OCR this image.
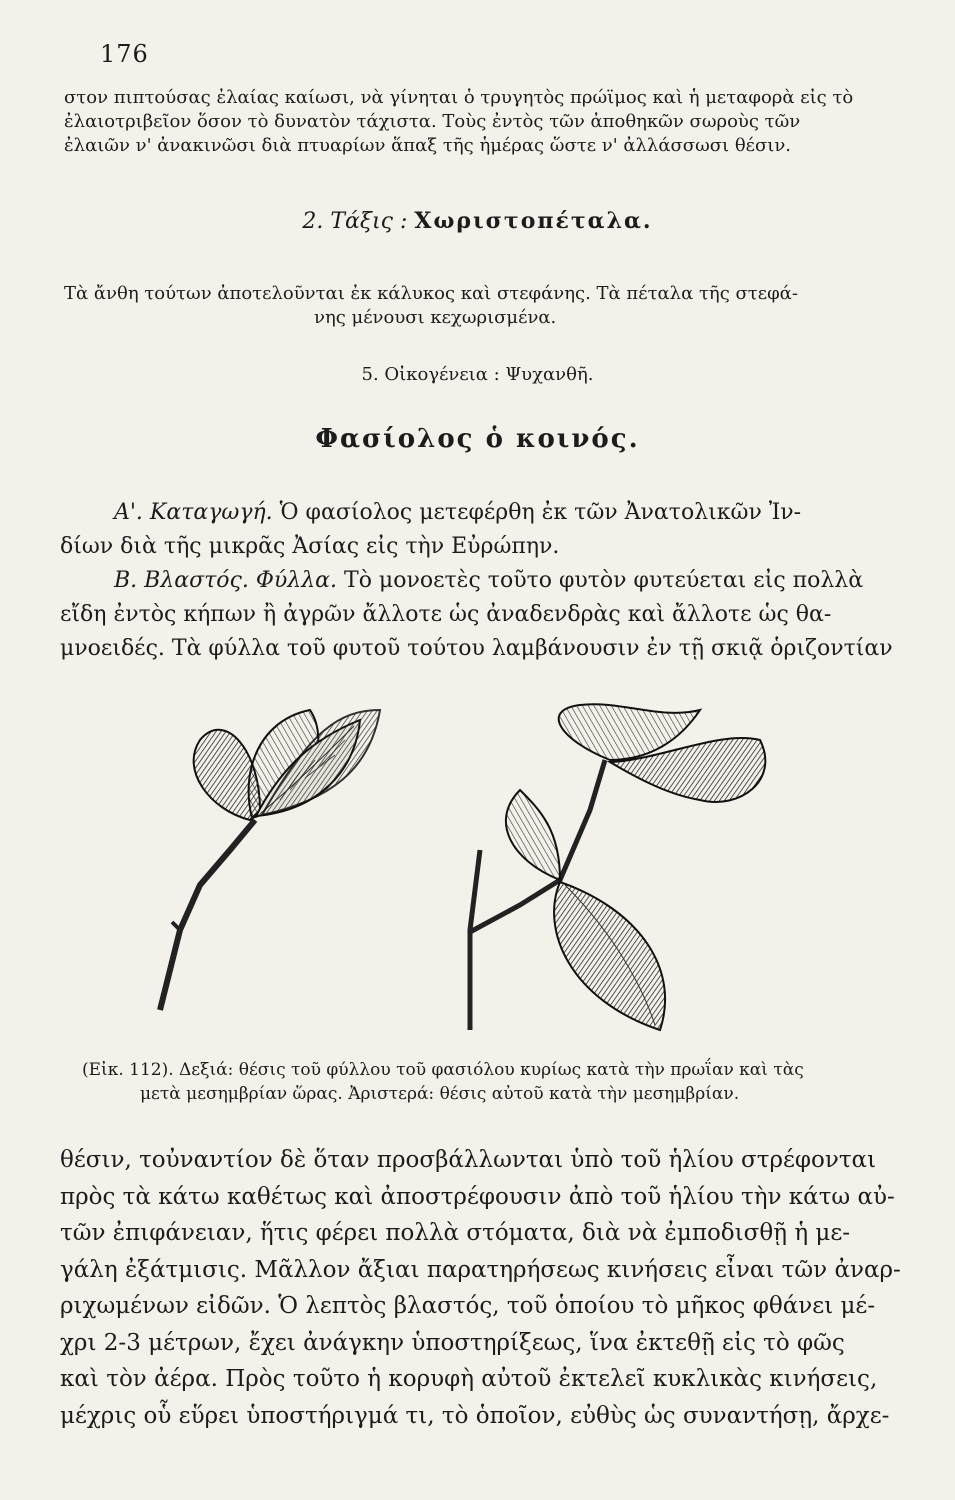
176
στον πιπτούσας ἐλαίας καίωσι, νὰ γίνηται ὁ τρυγητὸς πρώϊμος καὶ ἡ μεταφορὰ εἰς τὸ
ἐλαιοτριβεῖον ὅσον τὸ δυνατὸν τάχιστα. Τοὺς ἐντὸς τῶν ἀποθηκῶν σωροὺς τῶν
ἐλαιῶν ν' ἀνακινῶσι διὰ πτυαρίων ἅπαξ τῆς ἡμέρας ὥστε ν' ἀλλάσσωσι θέσιν.
2. Τάξις : Χωριστοπέταλα.
Τὰ ἄνθη τούτων ἀποτελοῦνται ἐκ κάλυκος καὶ στεφάνης. Τὰ πέταλα τῆς στεφά-
νης μένουσι κεχωρισμένα.
5. Οἰκογένεια : Ψυχανθῆ.
Φασίολος ὁ κοινός.
Α'. Καταγωγή. Ὁ φασίολος μετεφέρθη ἐκ τῶν Ἀνατολικῶν Ἰν-
δίων διὰ τῆς μικρᾶς Ἀσίας εἰς τὴν Εὐρώπην.
Β. Βλαστός. Φύλλα. Τὸ μονοετὲς τοῦτο φυτὸν φυτεύεται εἰς πολλὰ
εἴδη ἐντὸς κήπων ἢ ἀγρῶν ἄλλοτε ὡς ἀναδενδρὰς καὶ ἄλλοτε ὡς θα-
μνοειδές. Τὰ φύλλα τοῦ φυτοῦ τούτου λαμβάνουσιν ἐν τῇ σκιᾷ ὁριζοντίαν
(Εἰκ. 112). Δεξιά: θέσις τοῦ φύλλου τοῦ φασιόλου κυρίως κατὰ τὴν πρωΐαν καὶ τὰς
μετὰ μεσημβρίαν ὥρας. Ἀριστερά: θέσις αὐτοῦ κατὰ τὴν μεσημβρίαν.
θέσιν, τοὐναντίον δὲ ὅταν προσβάλλωνται ὑπὸ τοῦ ἡλίου στρέφονται
πρὸς τὰ κάτω καθέτως καὶ ἀποστρέφουσιν ἀπὸ τοῦ ἡλίου τὴν κάτω αὐ-
τῶν ἐπιφάνειαν, ἥτις φέρει πολλὰ στόματα, διὰ νὰ ἐμποδισθῇ ἡ με-
γάλη ἐξάτμισις. Μᾶλλον ἄξιαι παρατηρήσεως κινήσεις εἶναι τῶν ἀναρ-
ριχωμένων εἰδῶν. Ὁ λεπτὸς βλαστός, τοῦ ὁποίου τὸ μῆκος φθάνει μέ-
χρι 2-3 μέτρων, ἔχει ἀνάγκην ὑποστηρίξεως, ἵνα ἐκτεθῇ εἰς τὸ φῶς
καὶ τὸν ἀέρα. Πρὸς τοῦτο ἡ κορυφὴ αὐτοῦ ἐκτελεῖ κυκλικὰς κινήσεις,
μέχρις οὗ εὕρει ὑποστήριγμά τι, τὸ ὁποῖον, εὐθὺς ὡς συναντήσῃ, ἄρχε-
